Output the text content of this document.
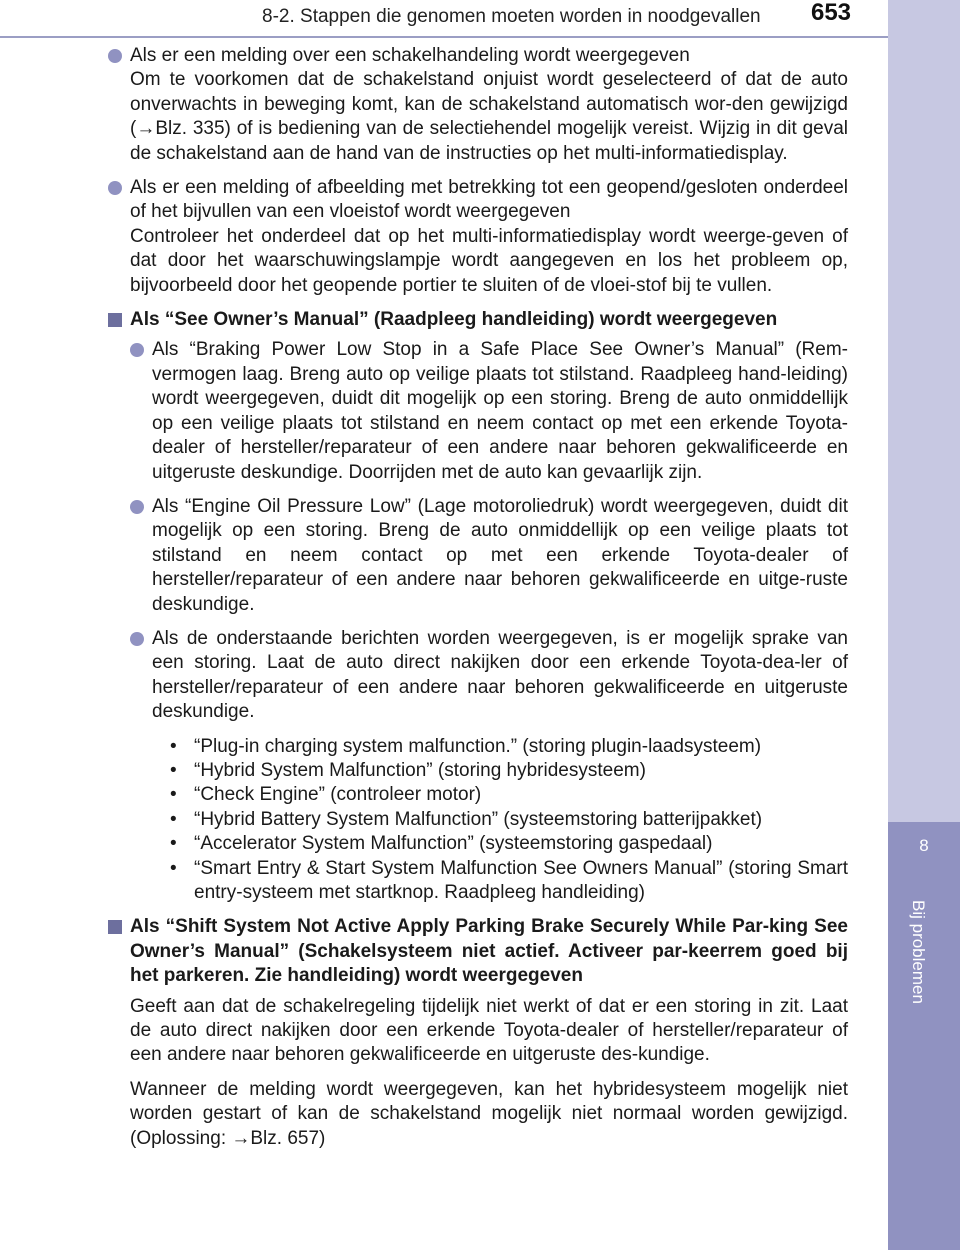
8-2. Stappen die genomen moeten worden in noodgevallen	653
8
Bij problemen

Als er een melding over een schakelhandeling wordt weergegeven

Om te voorkomen dat de schakelstand onjuist wordt geselecteerd of dat de auto onverwachts in beweging komt, kan de schakelstand automatisch wor-den gewijzigd (→Blz. 335) of is bediening van de selectiehendel mogelijk vereist. Wijzig in dit geval de schakelstand aan de hand van de instructies op het multi-informatiedisplay.

Als er een melding of afbeelding met betrekking tot een geopend/gesloten onderdeel of het bijvullen van een vloeistof wordt weergegeven

Controleer het onderdeel dat op het multi-informatiedisplay wordt weerge-geven of dat door het waarschuwingslampje wordt aangegeven en los het probleem op, bijvoorbeeld door het geopende portier te sluiten of de vloei-stof bij te vullen.

Als “See Owner’s Manual” (Raadpleeg handleiding) wordt weergegeven

Als “Braking Power Low Stop in a Safe Place See Owner’s Manual” (Rem-vermogen laag. Breng auto op veilige plaats tot stilstand. Raadpleeg hand-leiding) wordt weergegeven, duidt dit mogelijk op een storing. Breng de auto onmiddellijk op een veilige plaats tot stilstand en neem contact op met een erkende Toyota-dealer of hersteller/reparateur of een andere naar behoren gekwalificeerde en uitgeruste deskundige. Doorrijden met de auto kan gevaarlijk zijn.

Als “Engine Oil Pressure Low” (Lage motoroliedruk) wordt weergegeven, duidt dit mogelijk op een storing. Breng de auto onmiddellijk op een veilige plaats tot stilstand en neem contact op met een erkende Toyota-dealer of hersteller/reparateur of een andere naar behoren gekwalificeerde en uitge-ruste deskundige.

Als de onderstaande berichten worden weergegeven, is er mogelijk sprake van een storing. Laat de auto direct nakijken door een erkende Toyota-dea-ler of hersteller/reparateur of een andere naar behoren gekwalificeerde en uitgeruste deskundige.

• “Plug-in charging system malfunction.” (storing plugin-laadsysteem)
• “Hybrid System Malfunction” (storing hybridesysteem)
• “Check Engine” (controleer motor)
• “Hybrid Battery System Malfunction” (systeemstoring batterijpakket)
• “Accelerator System Malfunction” (systeemstoring gaspedaal)
• “Smart Entry & Start System Malfunction See Owners Manual” (storing Smart entry-systeem met startknop. Raadpleeg handleiding)
Als “Shift System Not Active Apply Parking Brake Securely While Par-king See Owner’s Manual” (Schakelsysteem niet actief. Activeer par-keerrem goed bij het parkeren. Zie handleiding) wordt weergegeven

Geeft aan dat de schakelregeling tijdelijk niet werkt of dat er een storing in zit. Laat de auto direct nakijken door een erkende Toyota-dealer of hersteller/reparateur of een andere naar behoren gekwalificeerde en uitgeruste des-kundige.

Wanneer de melding wordt weergegeven, kan het hybridesysteem mogelijk niet worden gestart of kan de schakelstand mogelijk niet normaal worden gewijzigd. (Oplossing: →Blz. 657)
